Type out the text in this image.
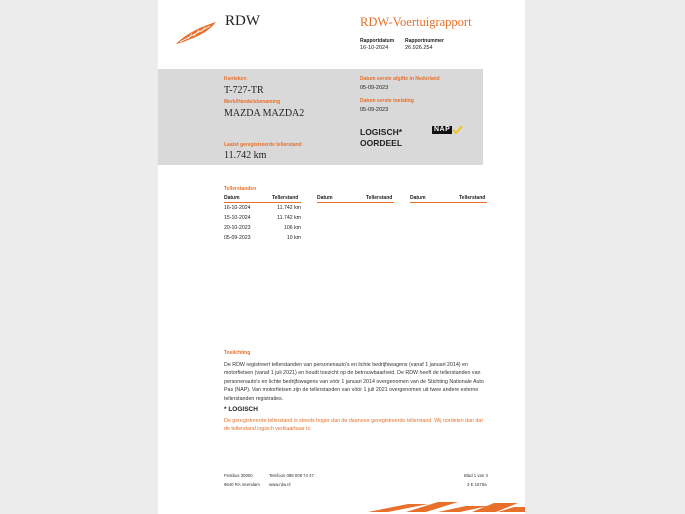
RDW	RDW-Voertuigrapport
Rapportdatum
16-10-2024
Rapportnummer
26.926.254
Kenteken
T-727-TR
Merk/Handelsbenaming
MAZDA MAZDA2
Laatst geregistreerde tellerstand
11.742 km
Datum eerste afgifte in Nederland
05-09-2023
Datum eerste toelating
05-09-2023
LOGISCH*
OORDEEL
NAP
Tellerstanden
Datum	Tellerstand	Datum	Tellerstand	Datum	Tellerstand
16-10-2024	11.742 km
15-10-2024	11.742 km
20-10-2023	106 km
05-09-2023	10 km
Toelichting
De RDW registreert tellerstanden van personenauto's en lichte bedrijfswagens (vanaf 1 januari 2014) en motorfietsen (vanaf 1 juli 2021) en houdt toezicht op de betrouwbaarheid. De RDW heeft de tellerstanden van personenauto's en lichte bedrijfswagens van vóór 1 januari 2014 overgenomen van de Stichting Nationale Auto Pas (NAP). Van motorfietsen zijn de tellerstanden van vóór 1 juli 2021 overgenomen uit twee andere externe tellerstanden registraties.
* LOGISCH
De geregistreerde tellerstand is steeds hoger dan de daarvoor geregistreerde tellerstand. Wij oordelen dan dat de tellerstand logisch verklaarbaar is.
Postbus 30000
9640 RA Veendam
Telefoon 088 008 74 47
www.rdw.nl
Blad 1 van 3
3 E 1675a
